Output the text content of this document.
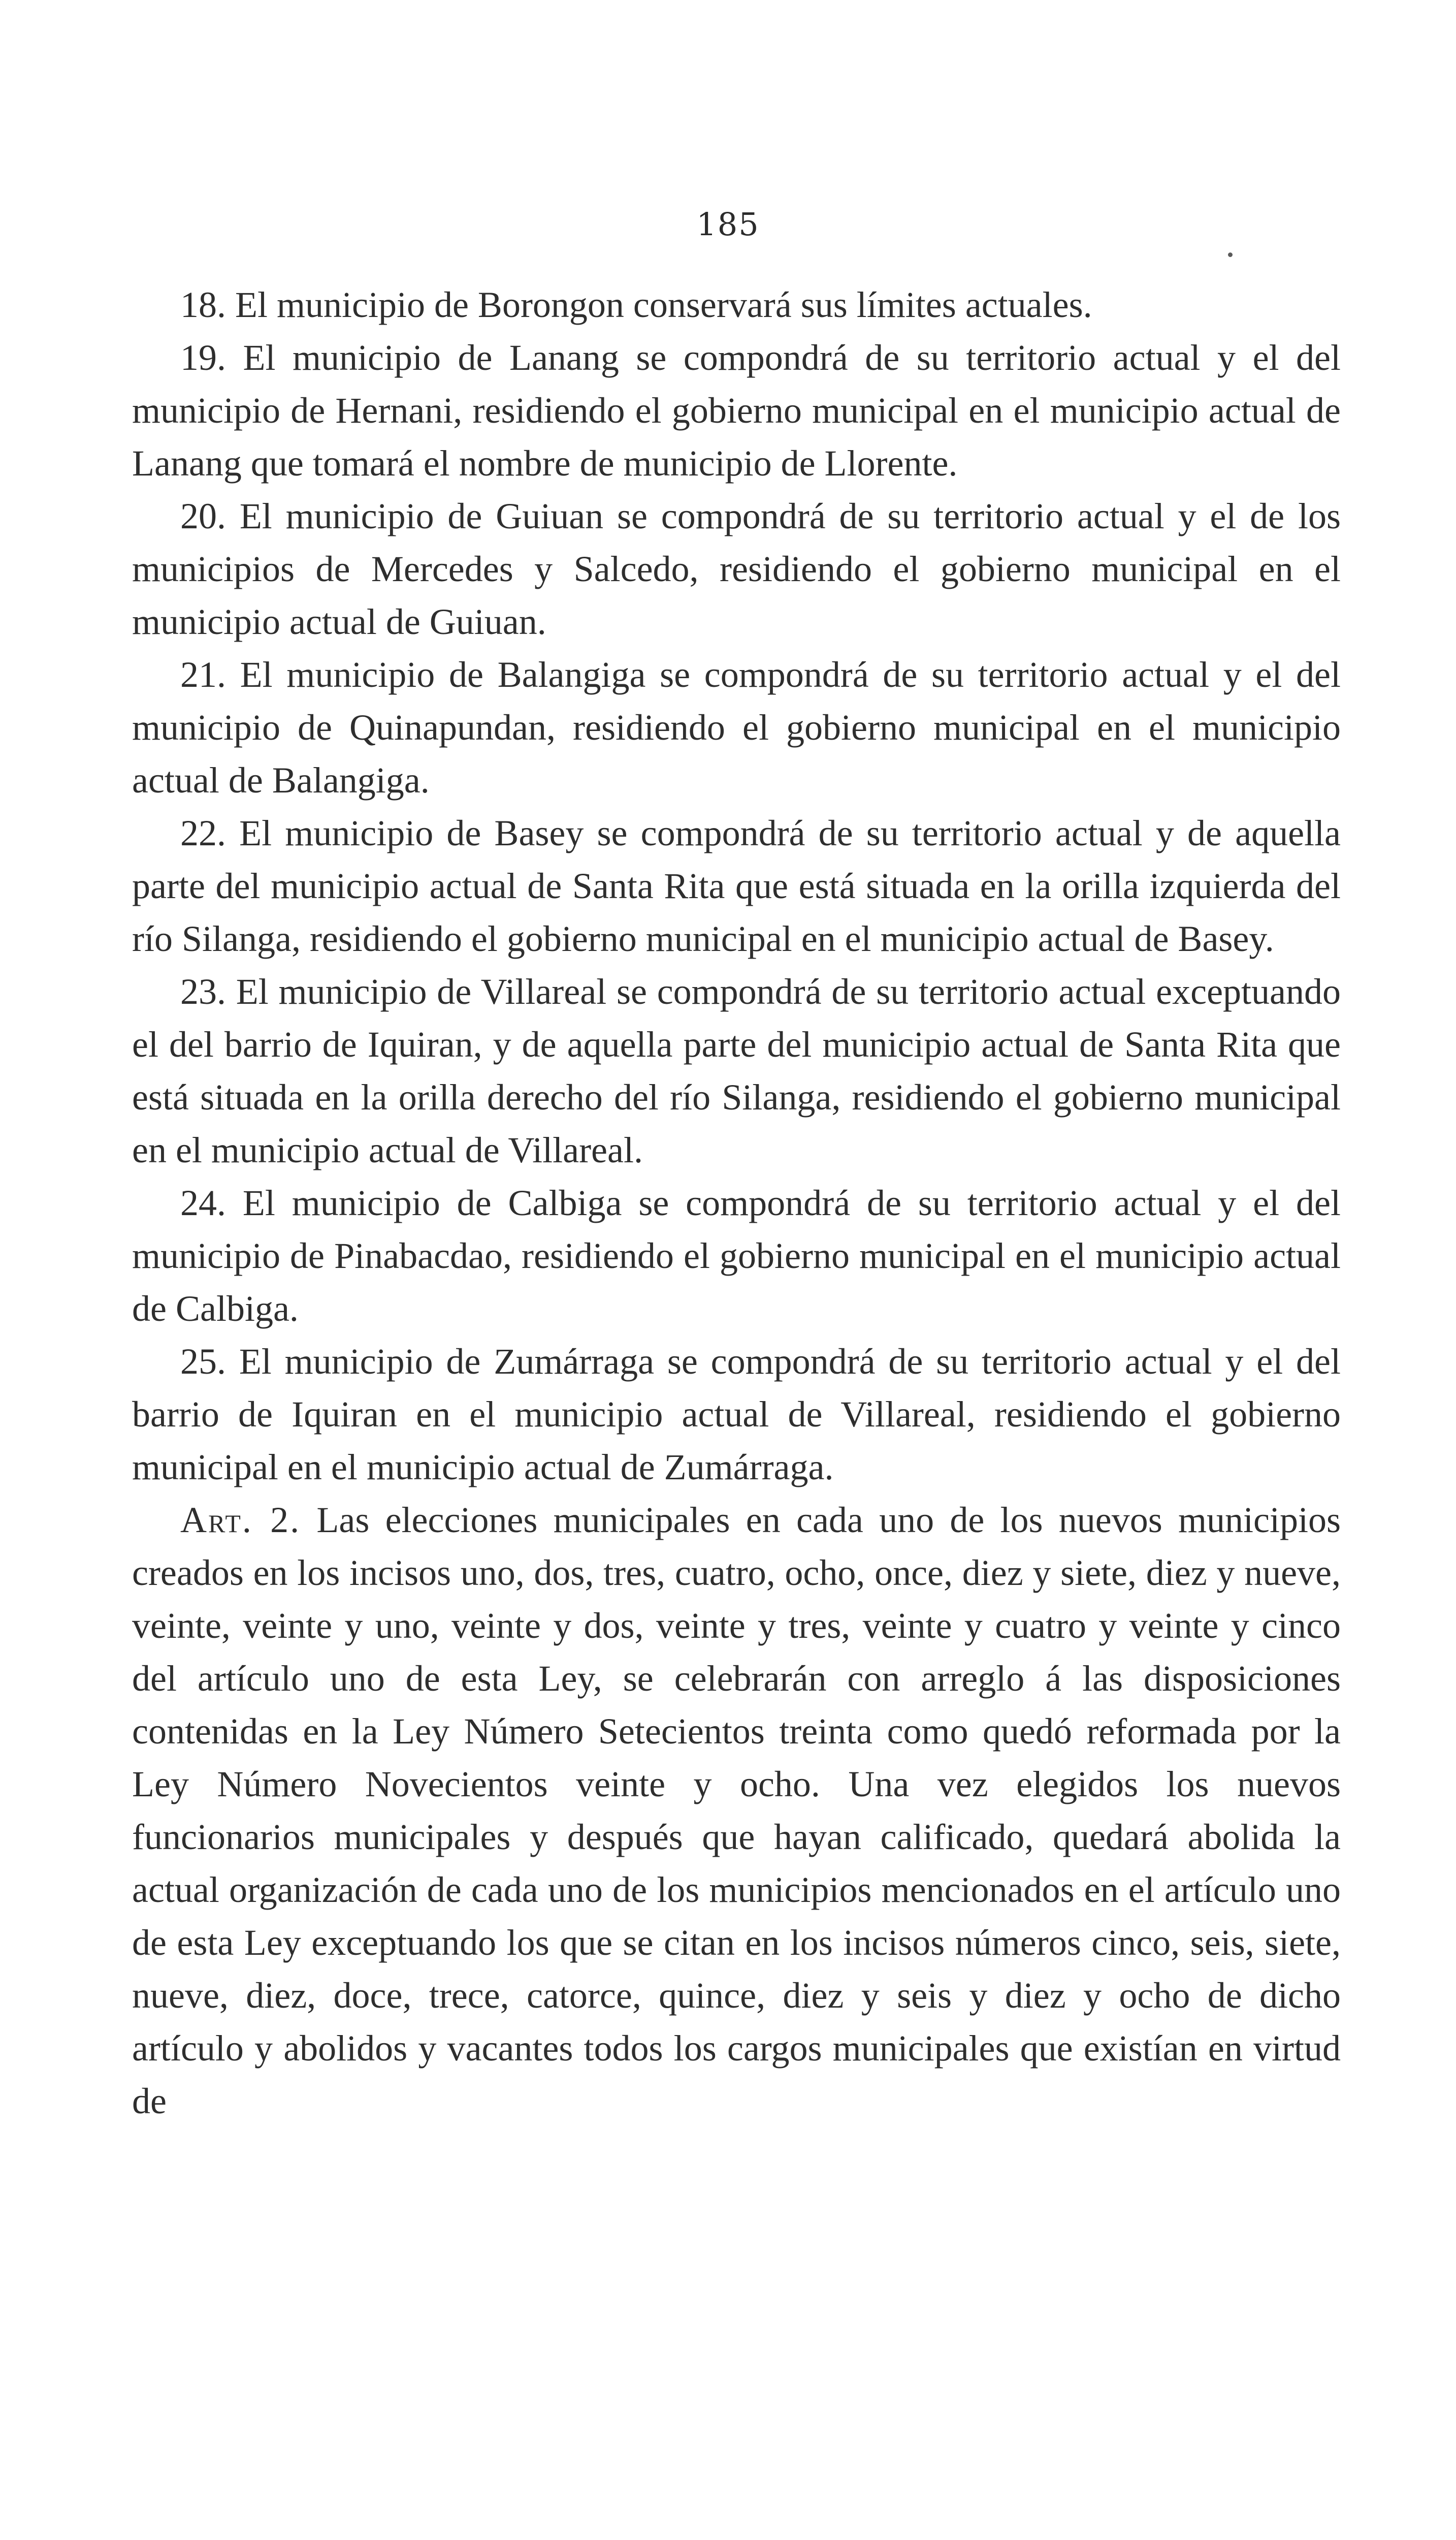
185

18. El municipio de Borongon conservará sus límites actuales.

19. El municipio de Lanang se compondrá de su territorio actual y el del municipio de Hernani, residiendo el gobierno municipal en el municipio actual de Lanang que tomará el nombre de municipio de Llorente.

20. El municipio de Guiuan se compondrá de su territorio actual y el de los municipios de Mercedes y Salcedo, residiendo el gobierno municipal en el municipio actual de Guiuan.

21. El municipio de Balangiga se compondrá de su territorio actual y el del municipio de Quinapundan, residiendo el gobierno municipal en el municipio actual de Balangiga.

22. El municipio de Basey se compondrá de su territorio actual y de aquella parte del municipio actual de Santa Rita que está situada en la orilla izquierda del río Silanga, residiendo el gobierno municipal en el municipio actual de Basey.

23. El municipio de Villareal se compondrá de su territorio actual exceptuando el del barrio de Iquiran, y de aquella parte del municipio actual de Santa Rita que está situada en la orilla derecho del río Silanga, residiendo el gobierno municipal en el municipio actual de Villareal.

24. El municipio de Calbiga se compondrá de su territorio actual y el del municipio de Pinabacdao, residiendo el gobierno municipal en el municipio actual de Calbiga.

25. El municipio de Zumárraga se compondrá de su territorio actual y el del barrio de Iquiran en el municipio actual de Villareal, residiendo el gobierno municipal en el municipio actual de Zumárraga.

Art. 2. Las elecciones municipales en cada uno de los nuevos municipios creados en los incisos uno, dos, tres, cuatro, ocho, once, diez y siete, diez y nueve, veinte, veinte y uno, veinte y dos, veinte y tres, veinte y cuatro y veinte y cinco del artículo uno de esta Ley, se celebrarán con arreglo á las disposiciones contenidas en la Ley Número Setecientos treinta como quedó reformada por la Ley Número Novecientos veinte y ocho. Una vez elegidos los nuevos funcionarios municipales y después que hayan calificado, quedará abolida la actual organización de cada uno de los municipios mencionados en el artículo uno de esta Ley exceptuando los que se citan en los incisos números cinco, seis, siete, nueve, diez, doce, trece, catorce, quince, diez y seis y diez y ocho de dicho artículo y abolidos y vacantes todos los cargos municipales que existían en virtud de
